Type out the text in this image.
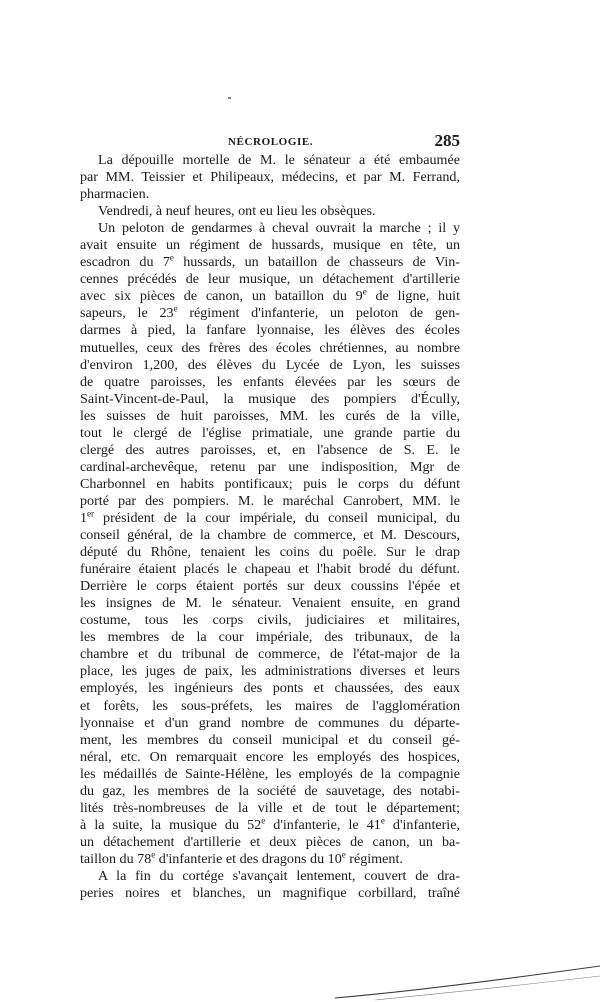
NÉCROLOGIE.	285
La dépouille mortelle de M. le sénateur a été embaumée
par MM. Teissier et Philipeaux, médecins, et par M. Ferrand,
pharmacien.
Vendredi, à neuf heures, ont eu lieu les obsèques.
Un peloton de gendarmes à cheval ouvrait la marche ; il y
avait ensuite un régiment de hussards, musique en tête, un
escadron du 7e hussards, un bataillon de chasseurs de Vin-
cennes précédés de leur musique, un détachement d'artillerie
avec six pièces de canon, un bataillon du 9e de ligne, huit
sapeurs, le 23e régiment d'infanterie, un peloton de gen-
darmes à pied, la fanfare lyonnaise, les élèves des écoles
mutuelles, ceux des frères des écoles chrétiennes, au nombre
d'environ 1,200, des élèves du Lycée de Lyon, les suisses
de quatre paroisses, les enfants élevées par les sœurs de
Saint-Vincent-de-Paul, la musique des pompiers d'Écully,
les suisses de huit paroisses, MM. les curés de la ville,
tout le clergé de l'église primatiale, une grande partie du
clergé des autres paroisses, et, en l'absence de S. E. le
cardinal-archevêque, retenu par une indisposition, Mgr de
Charbonnel en habits pontificaux; puis le corps du défunt
porté par des pompiers. M. le maréchal Canrobert, MM. le
1er président de la cour impériale, du conseil municipal, du
conseil général, de la chambre de commerce, et M. Descours,
député du Rhône, tenaient les coins du poêle. Sur le drap
funéraire étaient placés le chapeau et l'habit brodé du défunt.
Derrière le corps étaient portés sur deux coussins l'épée et
les insignes de M. le sénateur. Venaient ensuite, en grand
costume, tous les corps civils, judiciaires et militaires,
les membres de la cour impériale, des tribunaux, de la
chambre et du tribunal de commerce, de l'état-major de la
place, les juges de paix, les administrations diverses et leurs
employés, les ingénieurs des ponts et chaussées, des eaux
et forêts, les sous-préfets, les maires de l'agglomération
lyonnaise et d'un grand nombre de communes du départe-
ment, les membres du conseil municipal et du conseil gé-
néral, etc. On remarquait encore les employés des hospices,
les médaillés de Sainte-Hélène, les employés de la compagnie
du gaz, les membres de la société de sauvetage, des notabi-
lités très-nombreuses de la ville et de tout le département;
à la suite, la musique du 52e d'infanterie, le 41e d'infanterie,
un détachement d'artillerie et deux pièces de canon, un ba-
taillon du 78e d'infanterie et des dragons du 10e régiment.
A la fin du cortége s'avançait lentement, couvert de dra-
peries noires et blanches, un magnifique corbillard, traîné
